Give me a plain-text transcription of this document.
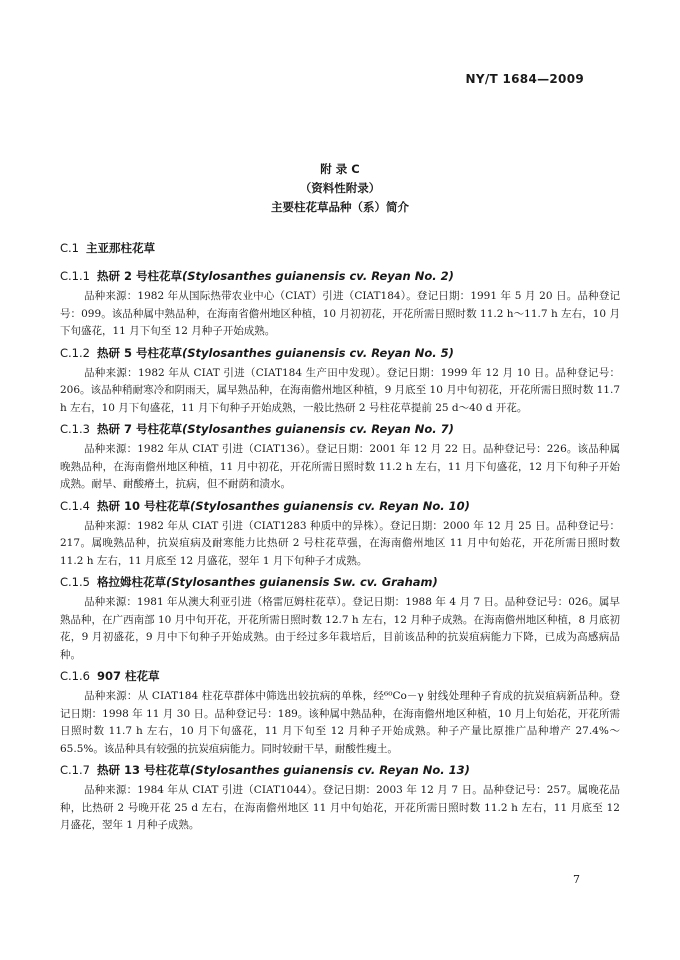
NY/T 1684—2009
附 录 C
（资料性附录）
主要柱花草品种（系）简介
C.1 主亚那柱花草
C.1.1 热研 2 号柱花草(Stylosanthes guianensis cv. Reyan No. 2)
品种来源：1982 年从国际热带农业中心（CIAT）引进（CIAT184）。登记日期：1991 年 5 月 20 日。品种登记号：099。该品种属中熟品种，在海南省儋州地区种植，10 月初初花，开花所需日照时数 11.2 h～11.7 h 左右，10 月下旬盛花，11 月下旬至 12 月种子开始成熟。
C.1.2 热研 5 号柱花草(Stylosanthes guianensis cv. Reyan No. 5)
品种来源：1982 年从 CIAT 引进（CIAT184 生产田中发现）。登记日期：1999 年 12 月 10 日。品种登记号：206。该品种稍耐寒冷和阴雨天，属早熟品种，在海南儋州地区种植，9 月底至 10 月中旬初花，开花所需日照时数 11.7 h 左右，10 月下旬盛花，11 月下旬种子开始成熟，一般比热研 2 号柱花草提前 25 d～40 d 开花。
C.1.3 热研 7 号柱花草(Stylosanthes guianensis cv. Reyan No. 7)
品种来源：1982 年从 CIAT 引进（CIAT136）。登记日期：2001 年 12 月 22 日。品种登记号：226。该品种属晚熟品种，在海南儋州地区种植，11 月中初花，开花所需日照时数 11.2 h 左右，11 月下旬盛花，12 月下旬种子开始成熟。耐旱、耐酸瘠土，抗病，但不耐荫和渍水。
C.1.4 热研 10 号柱花草(Stylosanthes guianensis cv. Reyan No. 10)
品种来源：1982 年从 CIAT 引进（CIAT1283 种质中的异株）。登记日期：2000 年 12 月 25 日。品种登记号：217。属晚熟品种，抗炭疽病及耐寒能力比热研 2 号柱花草强，在海南儋州地区 11 月中旬始花，开花所需日照时数 11.2 h 左右，11 月底至 12 月盛花，翌年 1 月下旬种子才成熟。
C.1.5 格拉姆柱花草(Stylosanthes guianensis Sw. cv. Graham)
品种来源：1981 年从澳大利亚引进（格雷厄姆柱花草）。登记日期：1988 年 4 月 7 日。品种登记号：026。属早熟品种，在广西南部 10 月中旬开花，开花所需日照时数 12.7 h 左右，12 月种子成熟。在海南儋州地区种植，8 月底初花，9 月初盛花，9 月中下旬种子开始成熟。由于经过多年栽培后，目前该品种的抗炭疽病能力下降，已成为高感病品种。
C.1.6 907 柱花草
品种来源：从 CIAT184 柱花草群体中筛选出较抗病的单株，经⁶⁰Co－γ 射线处理种子育成的抗炭疽病新品种。登记日期：1998 年 11 月 30 日。品种登记号：189。该种属中熟品种，在海南儋州地区种植，10 月上旬始花，开花所需日照时数 11.7 h 左右，10 月下旬盛花，11 月下旬至 12 月种子开始成熟。种子产量比原推广品种增产 27.4%～65.5%。该品种具有较强的抗炭疽病能力。同时较耐干旱，耐酸性瘦土。
C.1.7 热研 13 号柱花草(Stylosanthes guianensis cv. Reyan No. 13)
品种来源：1984 年从 CIAT 引进（CIAT1044）。登记日期：2003 年 12 月 7 日。品种登记号：257。属晚花品种，比热研 2 号晚开花 25 d 左右，在海南儋州地区 11 月中旬始花，开花所需日照时数 11.2 h 左右，11 月底至 12 月盛花，翌年 1 月种子成熟。
7
